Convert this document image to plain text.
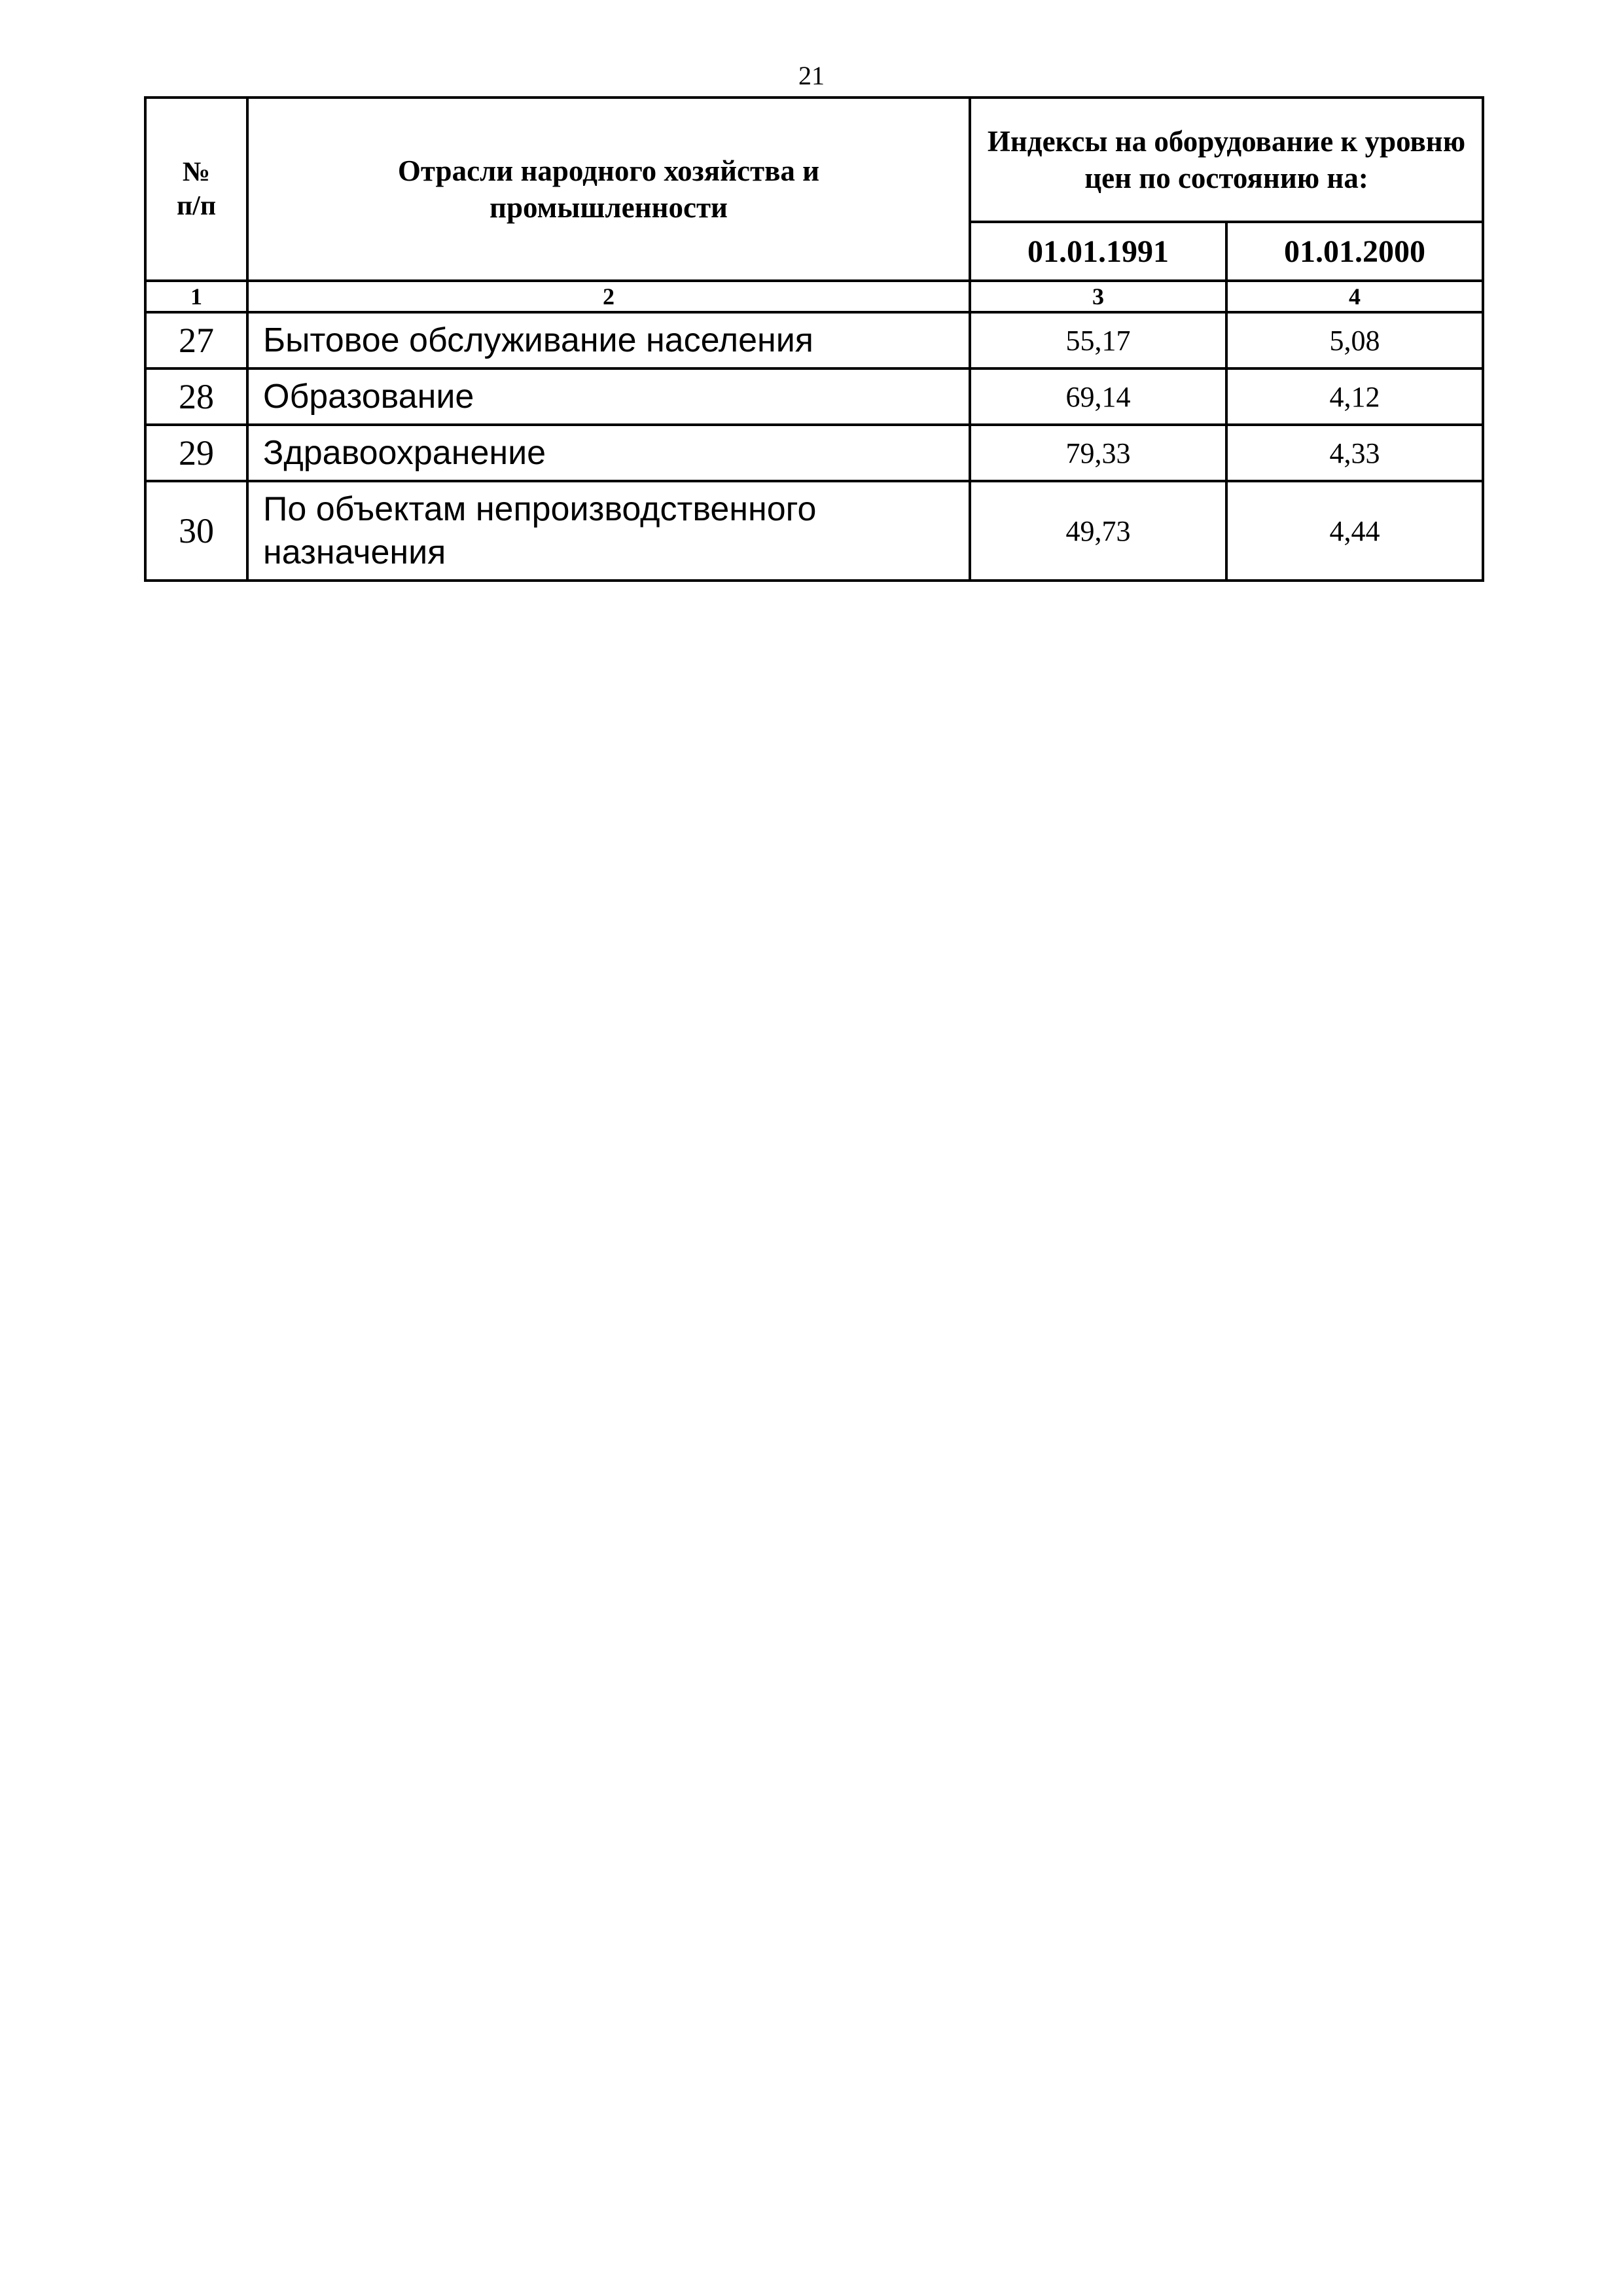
21
№ п/п	Отрасли народного хозяйства и промышленности	Индексы на оборудование к уровню цен по состоянию на:	
		01.01.1991	01.01.2000
1	2	3	4
27	Бытовое обслуживание населения	55,17	5,08
28	Образование	69,14	4,12
29	Здравоохранение	79,33	4,33
30	По объектам непроизводственного назначения	49,73	4,44
